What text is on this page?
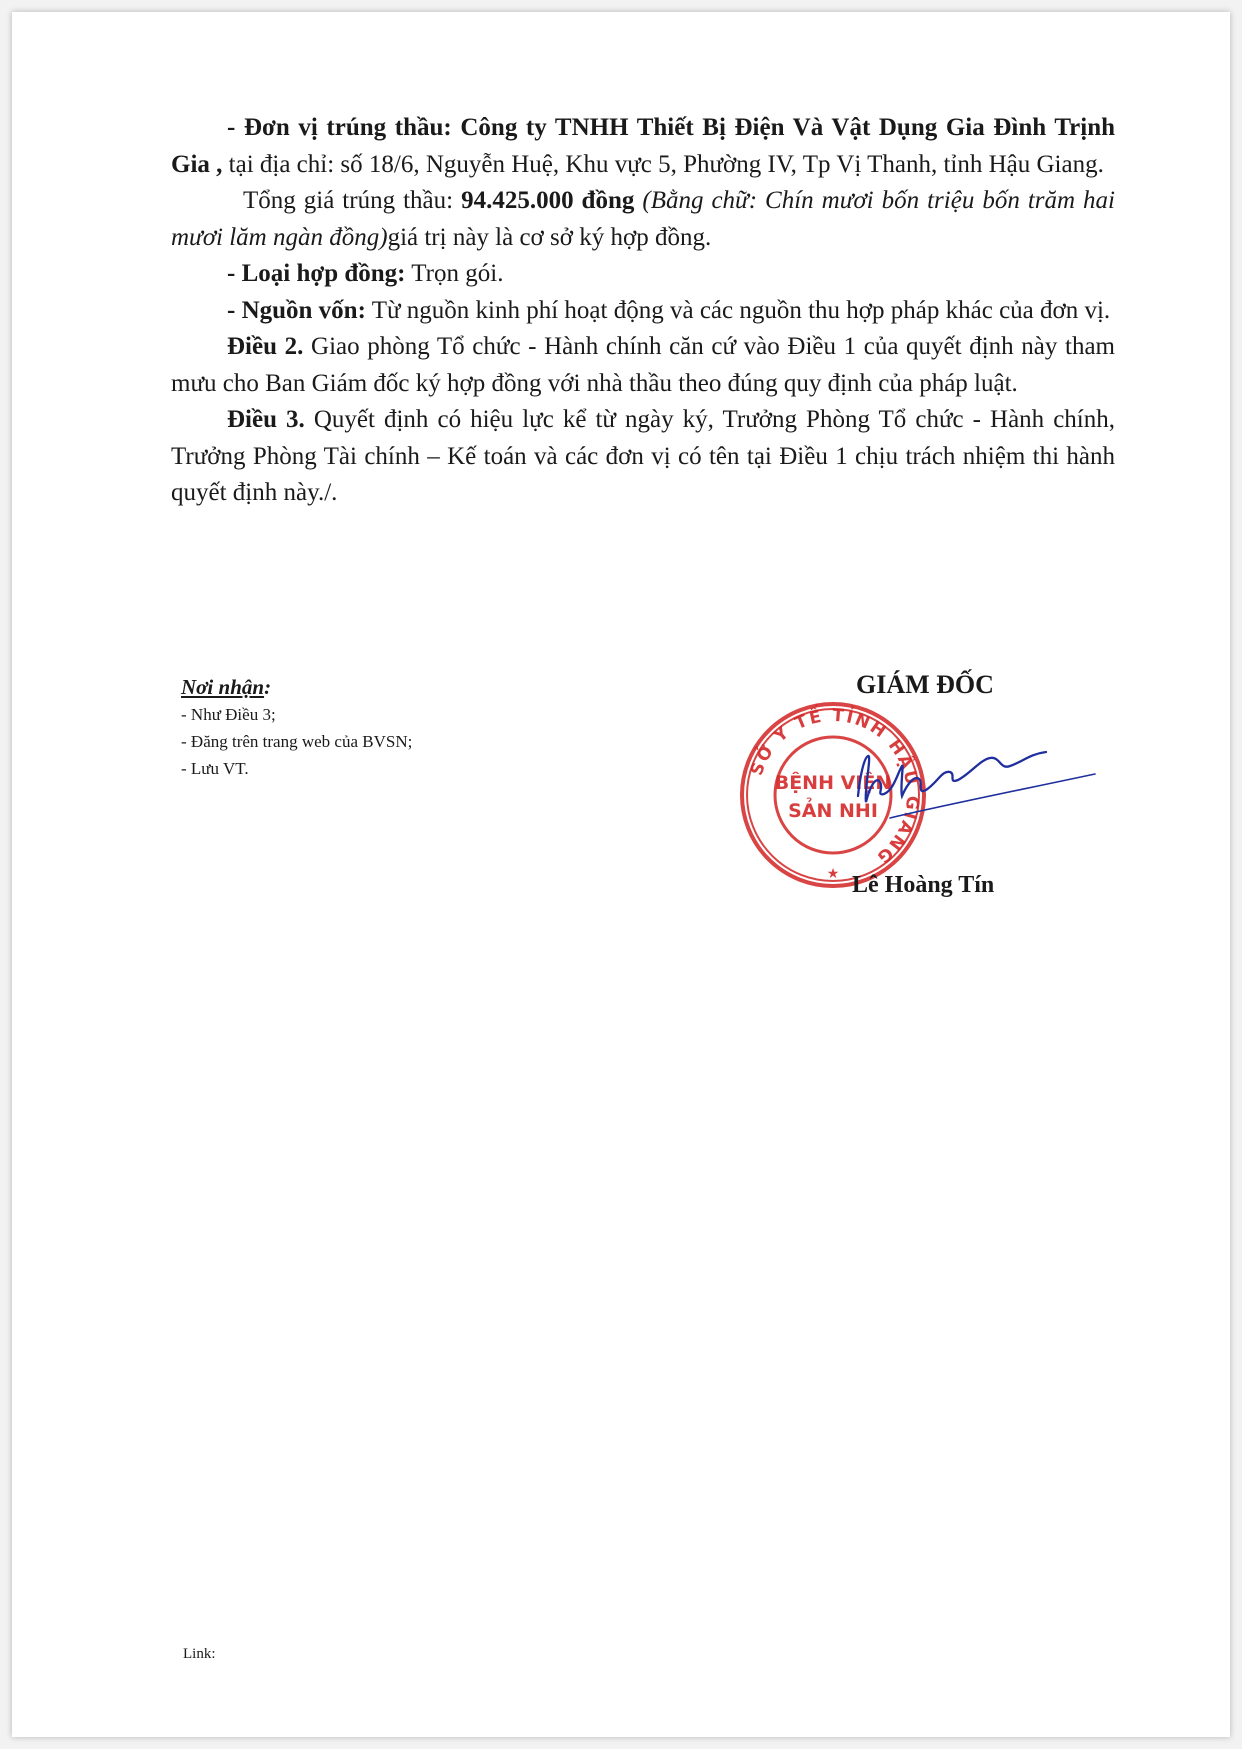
- Đơn vị trúng thầu: Công ty TNHH Thiết Bị Điện Và Vật Dụng Gia Đình Trịnh Gia , tại địa chỉ: số 18/6, Nguyễn Huệ, Khu vực 5, Phường IV, Tp Vị Thanh, tỉnh Hậu Giang.

Tổng giá trúng thầu: 94.425.000 đồng (Bằng chữ: Chín mươi bốn triệu bốn trăm hai mươi lăm ngàn đồng)giá trị này là cơ sở ký hợp đồng.

- Loại hợp đồng: Trọn gói.

- Nguồn vốn: Từ nguồn kinh phí hoạt động và các nguồn thu hợp pháp khác của đơn vị.

Điều 2. Giao phòng Tổ chức - Hành chính căn cứ vào Điều 1 của quyết định này tham mưu cho Ban Giám đốc ký hợp đồng với nhà thầu theo đúng quy định của pháp luật.

Điều 3. Quyết định có hiệu lực kể từ ngày ký, Trưởng Phòng Tổ chức - Hành chính, Trưởng Phòng Tài chính – Kế toán và các đơn vị có tên tại Điều 1 chịu trách nhiệm thi hành quyết định này./.

Nơi nhận:
- Như Điều 3;
- Đăng trên trang web của BVSN;
- Lưu VT.
GIÁM ĐỐC
SỞ Y TẾ TỈNH HẬU GIANG
BỆNH VIỆN
SẢN NHI
★ Lê Hoàng Tín
Link:
